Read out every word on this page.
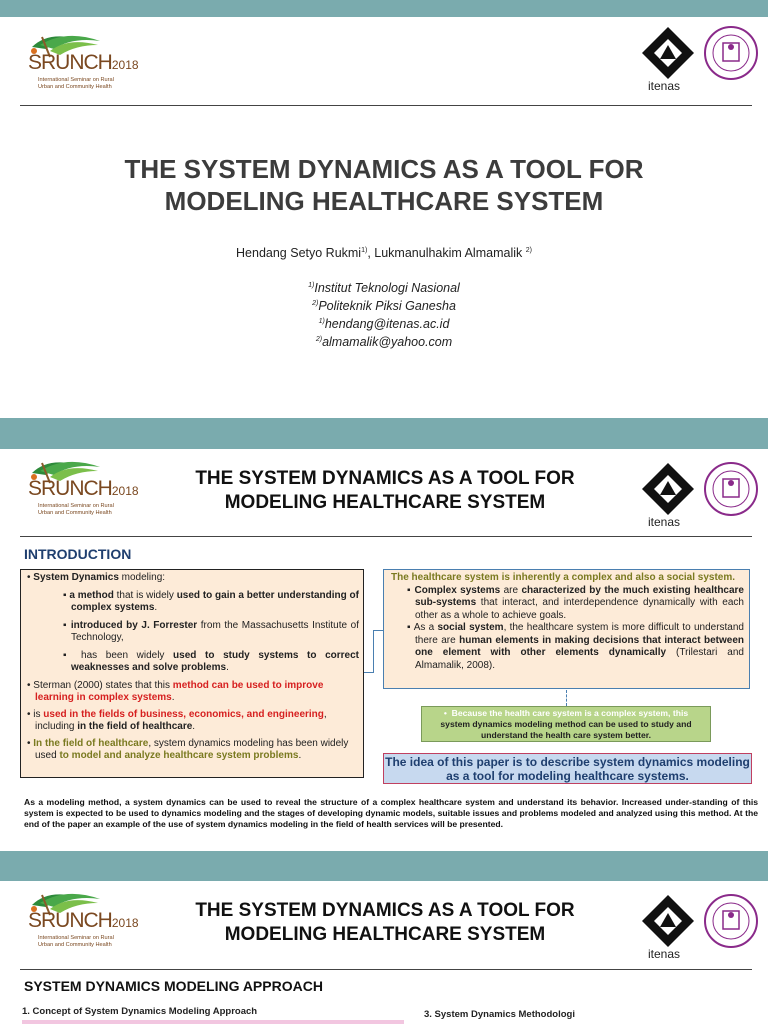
SRUNCH2018
International Seminar on Rural
Urban and Community Health	itenas
THE SYSTEM DYNAMICS AS A TOOL FOR
MODELING HEALTHCARE SYSTEM
Hendang Setyo Rukmi$^{1)}$, Lukmanulhakim Almamalik $^{2)}$
$^{1)}$Institut Teknologi Nasional
$^{2)}$Politeknik Piksi Ganesha
$^{1)}$hendang@itenas.ac.id
$^{2)}$almamalik@yahoo.com
SRUNCH2018
International Seminar on Rural
Urban and Community Health
THE SYSTEM DYNAMICS AS A TOOL FOR
MODELING HEALTHCARE SYSTEM
itenas
INTRODUCTION
• System Dynamics modeling:
▪ a method that is widely used to gain a better understanding of complex systems.
▪ introduced by J. Forrester from the Massachusetts Institute of Technology,
▪ has been widely used to study systems to correct weaknesses and solve problems.
• Sterman (2000) states that this method can be used to improve learning in complex systems.
• is used in the fields of business, economics, and engineering, including in the field of healthcare.
• In the field of healthcare, system dynamics modeling has been widely used to model and analyze healthcare system problems.
The healthcare system is inherently a complex and also a social system.
▪ Complex systems are characterized by the much existing healthcare sub-systems that interact, and interdependence dynamically with each other as a whole to achieve goals.
▪ As a social system, the healthcare system is more difficult to understand there are human elements in making decisions that interact between one element with other elements dynamically (Trilestari and Almamalik, 2008).
•  Because the health care system is a complex system, this
system dynamics modeling method can be used to study and understand the health care system better.
The idea of this paper is to describe system dynamics modeling as a tool for modeling healthcare systems.
As a modeling method, a system dynamics can be used to reveal the structure of a complex healthcare system and understand its behavior. Increased under-standing of this system is expected to be used to dynamics modeling and the stages of developing dynamic models, suitable issues and problems modeled and analyzed using this method. At the end of the paper an example of the use of system dynamics modeling in the field of health services will be presented.
SRUNCH2018
International Seminar on Rural
Urban and Community Health
THE SYSTEM DYNAMICS AS A TOOL FOR
MODELING HEALTHCARE SYSTEM
itenas
SYSTEM DYNAMICS MODELING APPROACH
1. Concept of System Dynamics Modeling Approach	3. System Dynamics Methodologi
